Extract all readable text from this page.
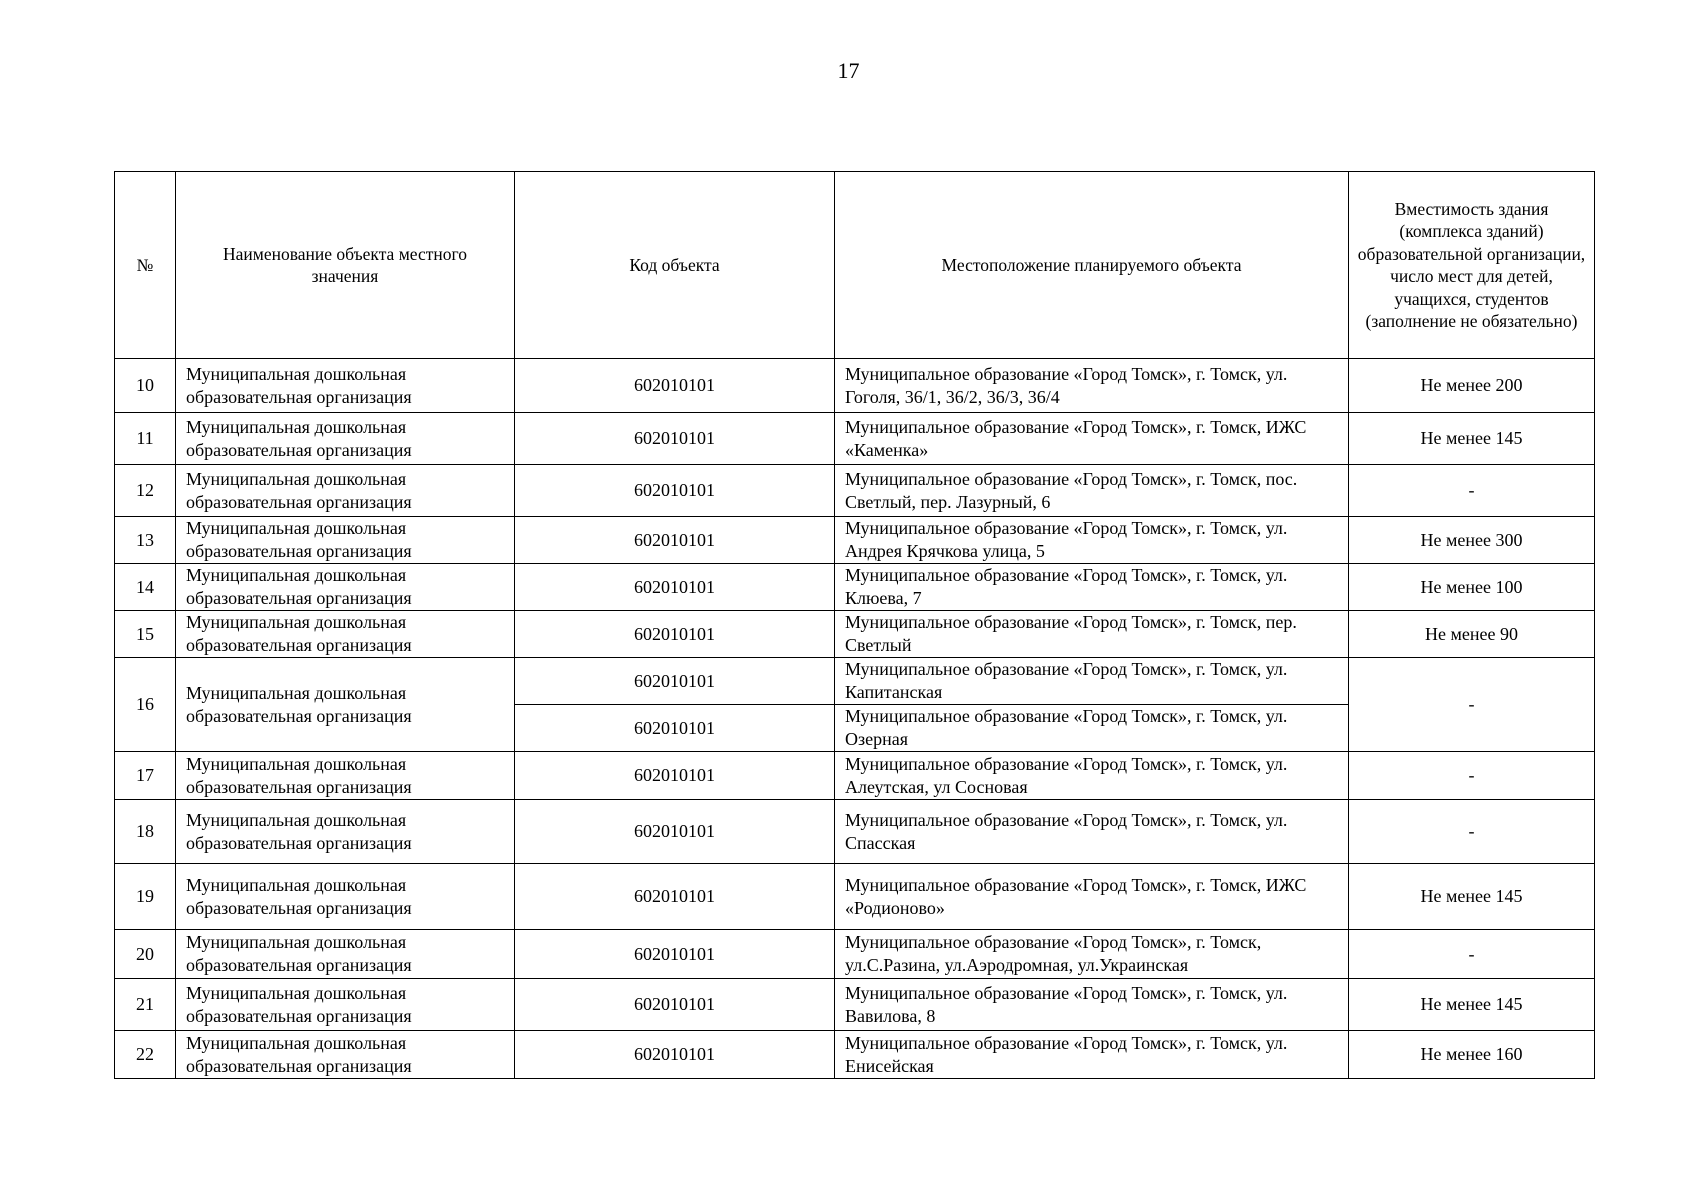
17
№	Наименование объекта местного значения	Код объекта	Местоположение планируемого объекта	Вместимость здания (комплекса зданий) образовательной организации, число мест для детей, учащихся, студентов (заполнение не обязательно)
10	Муниципальная дошкольная образовательная организация	602010101	Муниципальное образование «Город Томск», г. Томск, ул. Гоголя, 36/1, 36/2, 36/3, 36/4	Не менее 200
11	Муниципальная дошкольная образовательная организация	602010101	Муниципальное образование «Город Томск», г. Томск, ИЖС «Каменка»	Не менее 145
12	Муниципальная дошкольная образовательная организация	602010101	Муниципальное образование «Город Томск», г. Томск, пос. Светлый, пер. Лазурный, 6	-
13	Муниципальная дошкольная образовательная организация	602010101	Муниципальное образование «Город Томск», г. Томск, ул. Андрея Крячкова улица, 5	Не менее 300
14	Муниципальная дошкольная образовательная организация	602010101	Муниципальное образование «Город Томск», г. Томск, ул. Клюева, 7	Не менее 100
15	Муниципальная дошкольная образовательная организация	602010101	Муниципальное образование «Город Томск», г. Томск, пер. Светлый	Не менее 90
16	Муниципальная дошкольная образовательная организация	602010101	Муниципальное образование «Город Томск», г. Томск, ул. Капитанская	-
		602010101	Муниципальное образование «Город Томск», г. Томск, ул. Озерная	
17	Муниципальная дошкольная образовательная организация	602010101	Муниципальное образование «Город Томск», г. Томск, ул. Алеутская, ул Сосновая	-
18	Муниципальная дошкольная образовательная организация	602010101	Муниципальное образование «Город Томск», г. Томск, ул. Спасская	-
19	Муниципальная дошкольная образовательная организация	602010101	Муниципальное образование «Город Томск», г. Томск, ИЖС «Родионово»	Не менее 145
20	Муниципальная дошкольная образовательная организация	602010101	Муниципальное образование «Город Томск», г. Томск, ул.С.Разина, ул.Аэродромная, ул.Украинская	-
21	Муниципальная дошкольная образовательная организация	602010101	Муниципальное образование «Город Томск», г. Томск, ул. Вавилова, 8	Не менее 145
22	Муниципальная дошкольная образовательная организация	602010101	Муниципальное образование «Город Томск», г. Томск, ул. Енисейская	Не менее 160
